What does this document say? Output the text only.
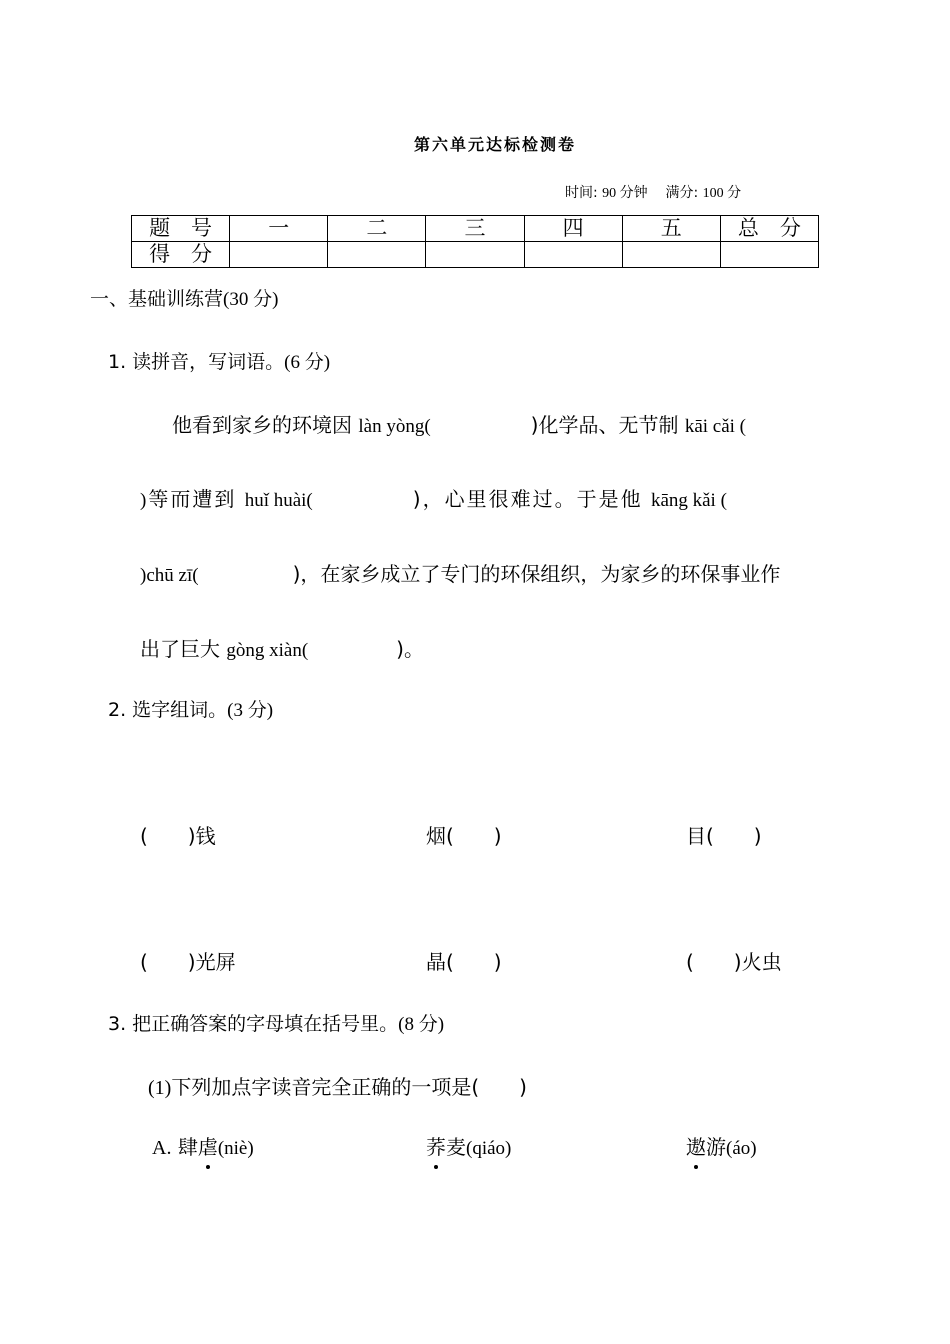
第六单元达标检测卷
时间: 90 分钟 满分: 100 分
题　号	一	二	三	四	五	总　分
得　分						
一、基础训练营(30 分)
1. 读拼音，写词语。(6 分)
他看到家乡的环境因 làn yòng(	)化学品、无节制 kāi cǎi (
)等而遭到 huǐ huài(	)，心里很难过。于是他 kāng kǎi (
)chū zī(	)，在家乡成立了专门的环保组织，为家乡的环保事业作
出了巨大 gòng xiàn(	)。
2. 选字组词。(3 分)
(　　)钱	烟(　　)	目(　　)
(　　)光屏	晶(　　)	(　　)火虫
3. 把正确答案的字母填在括号里。(8 分)
(1)下列加点字读音完全正确的一项是(　　)
A. 肆虐(niè)	荞麦(qiáo)	遨游(áo)
